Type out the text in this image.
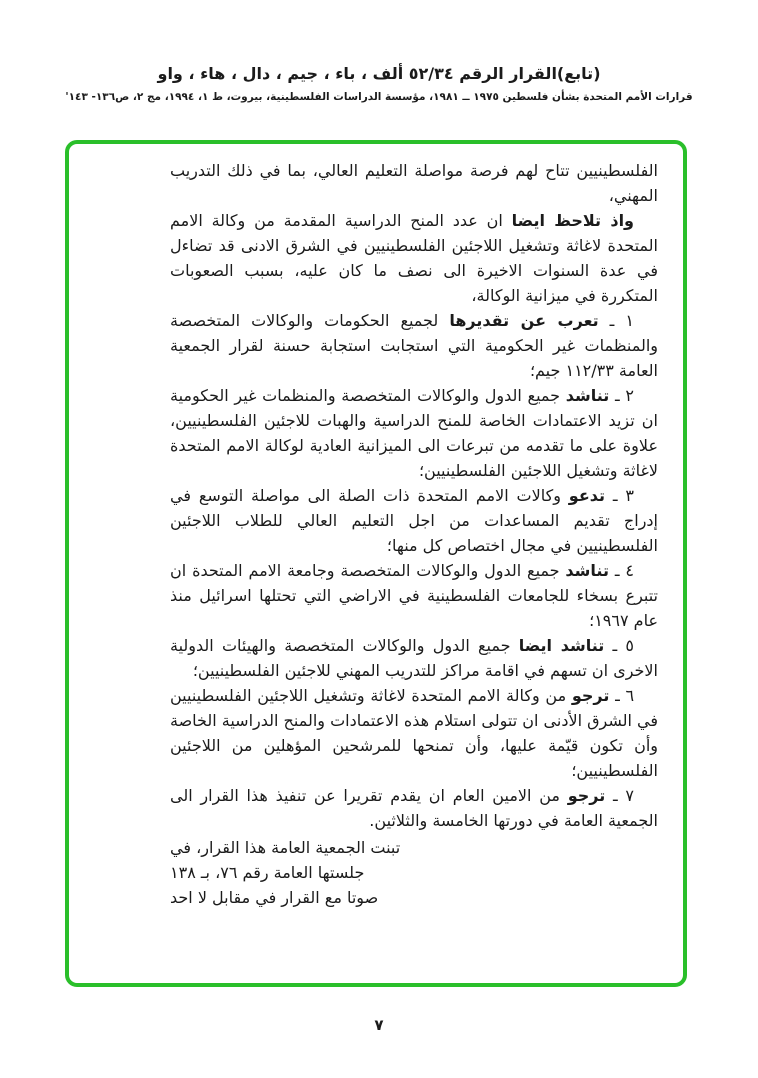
(تابع)القرار الرقم ٥٢/٣٤ ألف ، باء ، جيم ، دال ، هاء ، واو
قرارات الأمم المتحدة بشأن فلسطين ١٩٧٥ ــ ١٩٨١، مؤسسة الدراسات الفلسطينية، بيروت، ط ١، ١٩٩٤، مج ٢، ص١٣٦- ١٤٣'

الفلسطينيين تتاح لهم فرصة مواصلة التعليم العالي، بما في ذلك التدريب المهني،

واذ تلاحظ ايضا ان عدد المنح الدراسية المقدمة من وكالة الامم المتحدة لاغاثة وتشغيل اللاجئين الفلسطينيين في الشرق الادنى قد تضاءل في عدة السنوات الاخيرة الى نصف ما كان عليه، بسبب الصعوبات المتكررة في ميزانية الوكالة،

١ ـ تعرب عن تقديرها لجميع الحكومات والوكالات المتخصصة والمنظمات غير الحكومية التي استجابت استجابة حسنة لقرار الجمعية العامة ١١٢/٣٣ جيم؛

٢ ـ تناشد جميع الدول والوكالات المتخصصة والمنظمات غير الحكومية ان تزيد الاعتمادات الخاصة للمنح الدراسية والهبات للاجئين الفلسطينيين، علاوة على ما تقدمه من تبرعات الى الميزانية العادية لوكالة الامم المتحدة لاغاثة وتشغيل اللاجئين الفلسطينيين؛

٣ ـ تدعو وكالات الامم المتحدة ذات الصلة الى مواصلة التوسع في إدراج تقديم المساعدات من اجل التعليم العالي للطلاب اللاجئين الفلسطينيين في مجال اختصاص كل منها؛

٤ ـ تناشد جميع الدول والوكالات المتخصصة وجامعة الامم المتحدة ان تتبرع بسخاء للجامعات الفلسطينية في الاراضي التي تحتلها اسرائيل منذ عام ١٩٦٧؛

٥ ـ تناشد ايضا جميع الدول والوكالات المتخصصة والهيئات الدولية الاخرى ان تسهم في اقامة مراكز للتدريب المهني للاجئين الفلسطينيين؛

٦ ـ ترجو من وكالة الامم المتحدة لاغاثة وتشغيل اللاجئين الفلسطينيين في الشرق الأدنى ان تتولى استلام هذه الاعتمادات والمنح الدراسية الخاصة وأن تكون قيّمة عليها، وأن تمنحها للمرشحين المؤهلين من اللاجئين الفلسطينيين؛

٧ ـ ترجو من الامين العام ان يقدم تقريرا عن تنفيذ هذا القرار الى الجمعية العامة في دورتها الخامسة والثلاثين.

تبنت الجمعية العامة هذا القرار، في
جلستها العامة رقم ٧٦، بـ ١٣٨
صوتا مع القرار في مقابل لا احد
٧
